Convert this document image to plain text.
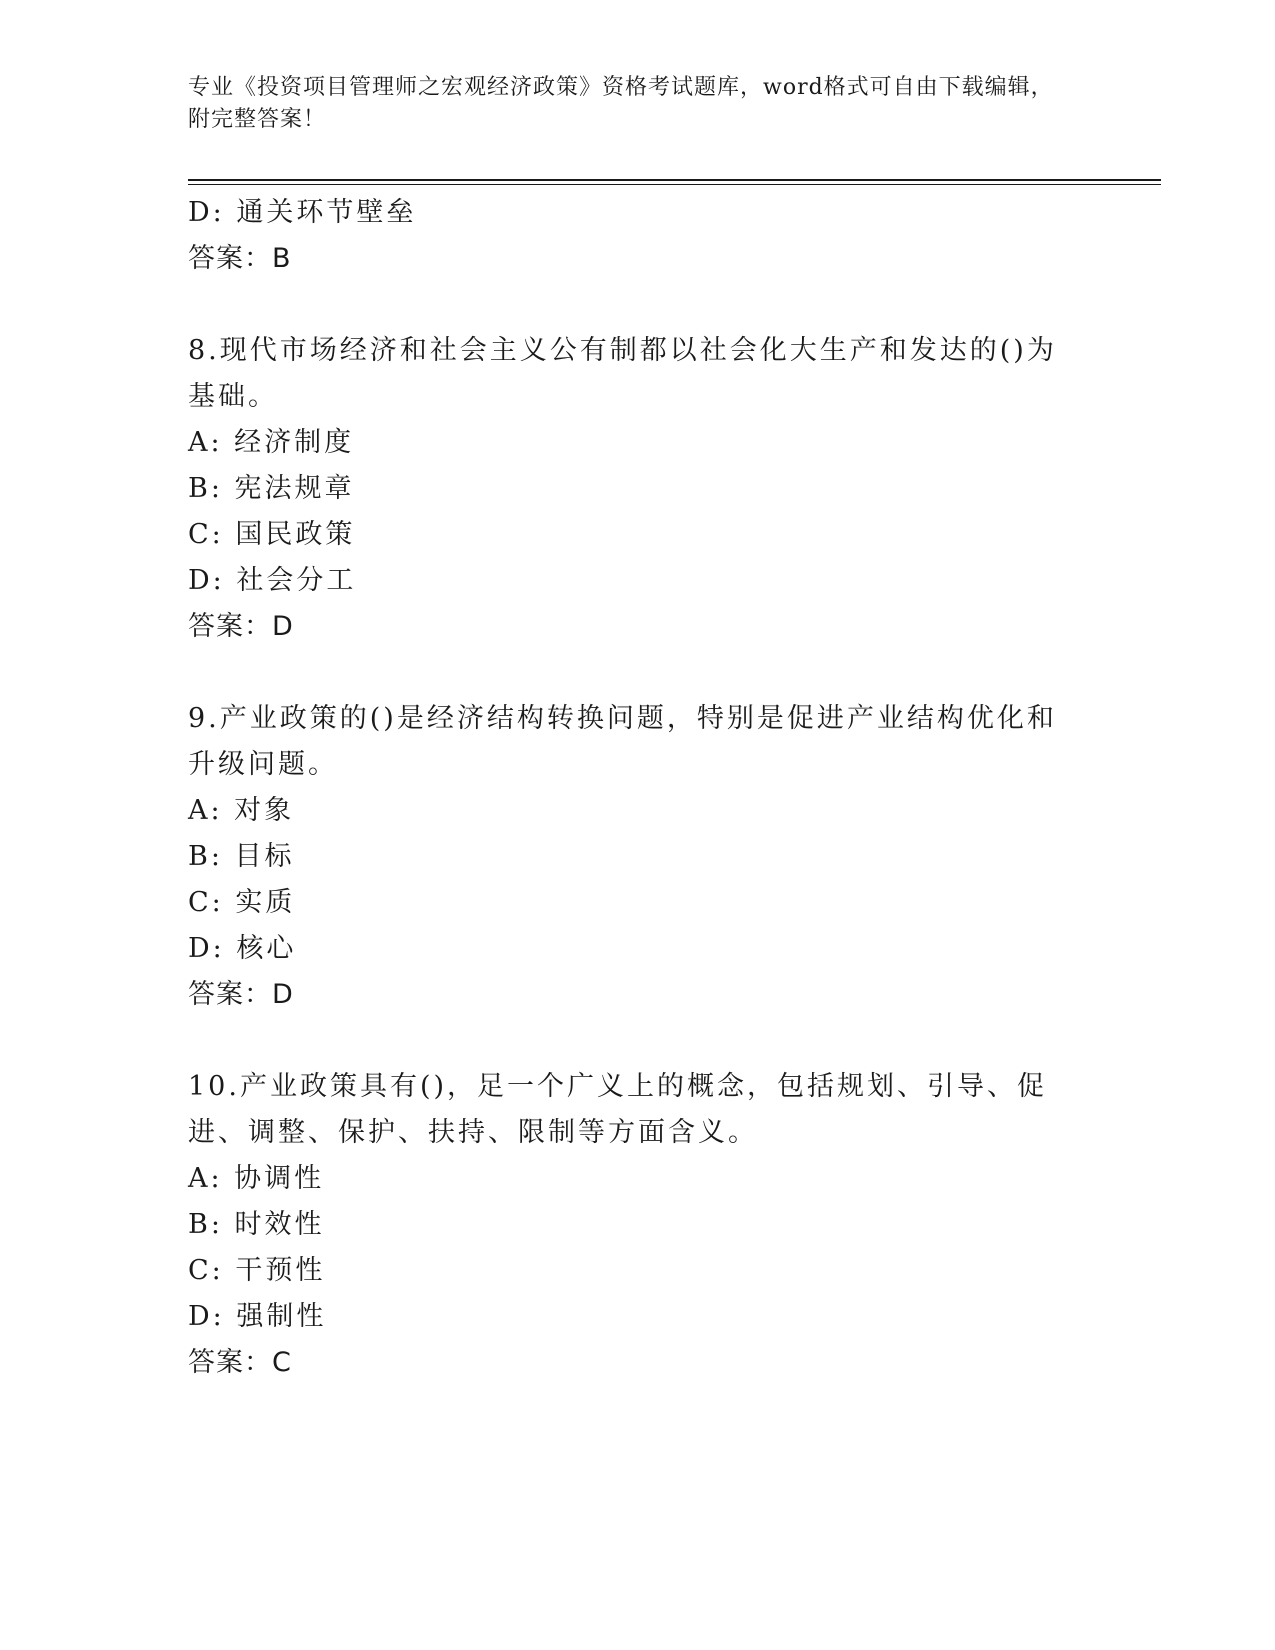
专业《投资项目管理师之宏观经济政策》资格考试题库，word格式可自由下载编辑，附完整答案！
D: 通关环节壁垒
答案：B
8.现代市场经济和社会主义公有制都以社会化大生产和发达的()为基础。
A: 经济制度
B: 宪法规章
C: 国民政策
D: 社会分工
答案：D
9.产业政策的()是经济结构转换问题，特别是促进产业结构优化和升级问题。
A: 对象
B: 目标
C: 实质
D: 核心
答案：D
10.产业政策具有()，足一个广义上的概念，包括规划、引导、促进、调整、保护、扶持、限制等方面含义。
A: 协调性
B: 时效性
C: 干预性
D: 强制性
答案：C
